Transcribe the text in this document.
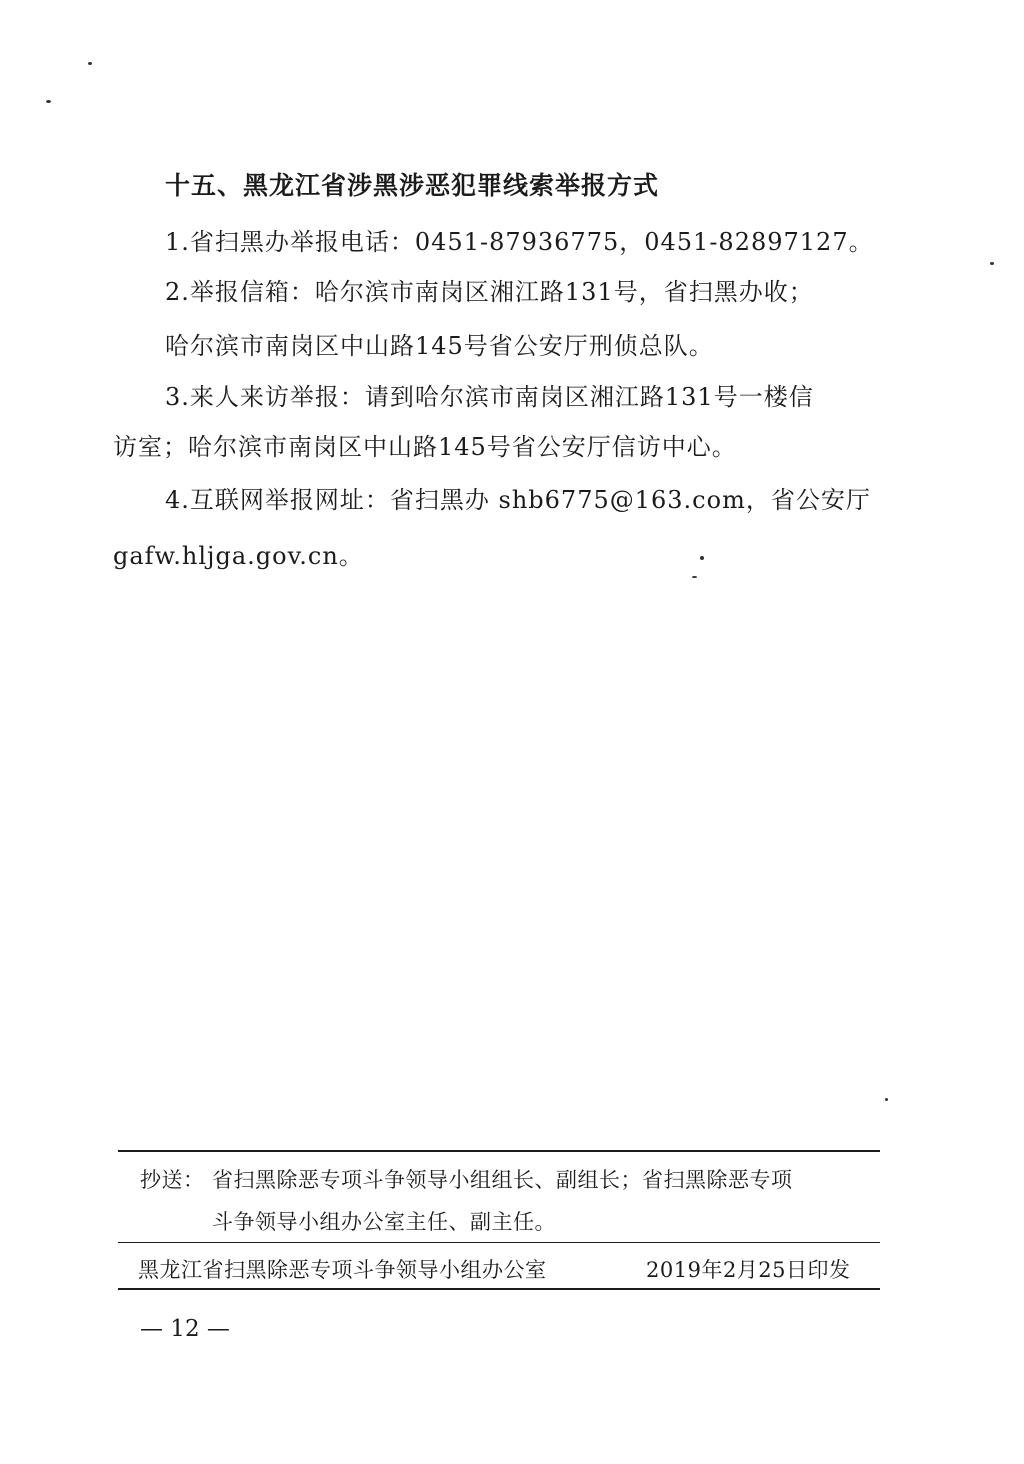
十五、黑龙江省涉黑涉恶犯罪线索举报方式
1.省扫黑办举报电话：0451-87936775，0451-82897127。
2.举报信箱：哈尔滨市南岗区湘江路131号，省扫黑办收；
哈尔滨市南岗区中山路145号省公安厅刑侦总队。
3.来人来访举报：请到哈尔滨市南岗区湘江路131号一楼信
访室；哈尔滨市南岗区中山路145号省公安厅信访中心。
4.互联网举报网址：省扫黑办 shb6775@163.com，省公安厅
gafw.hljga.gov.cn。
抄送： 省扫黑除恶专项斗争领导小组组长、副组长；省扫黑除恶专项
斗争领导小组办公室主任、副主任。
黑龙江省扫黑除恶专项斗争领导小组办公室	2019年2月25日印发
— 12 —
